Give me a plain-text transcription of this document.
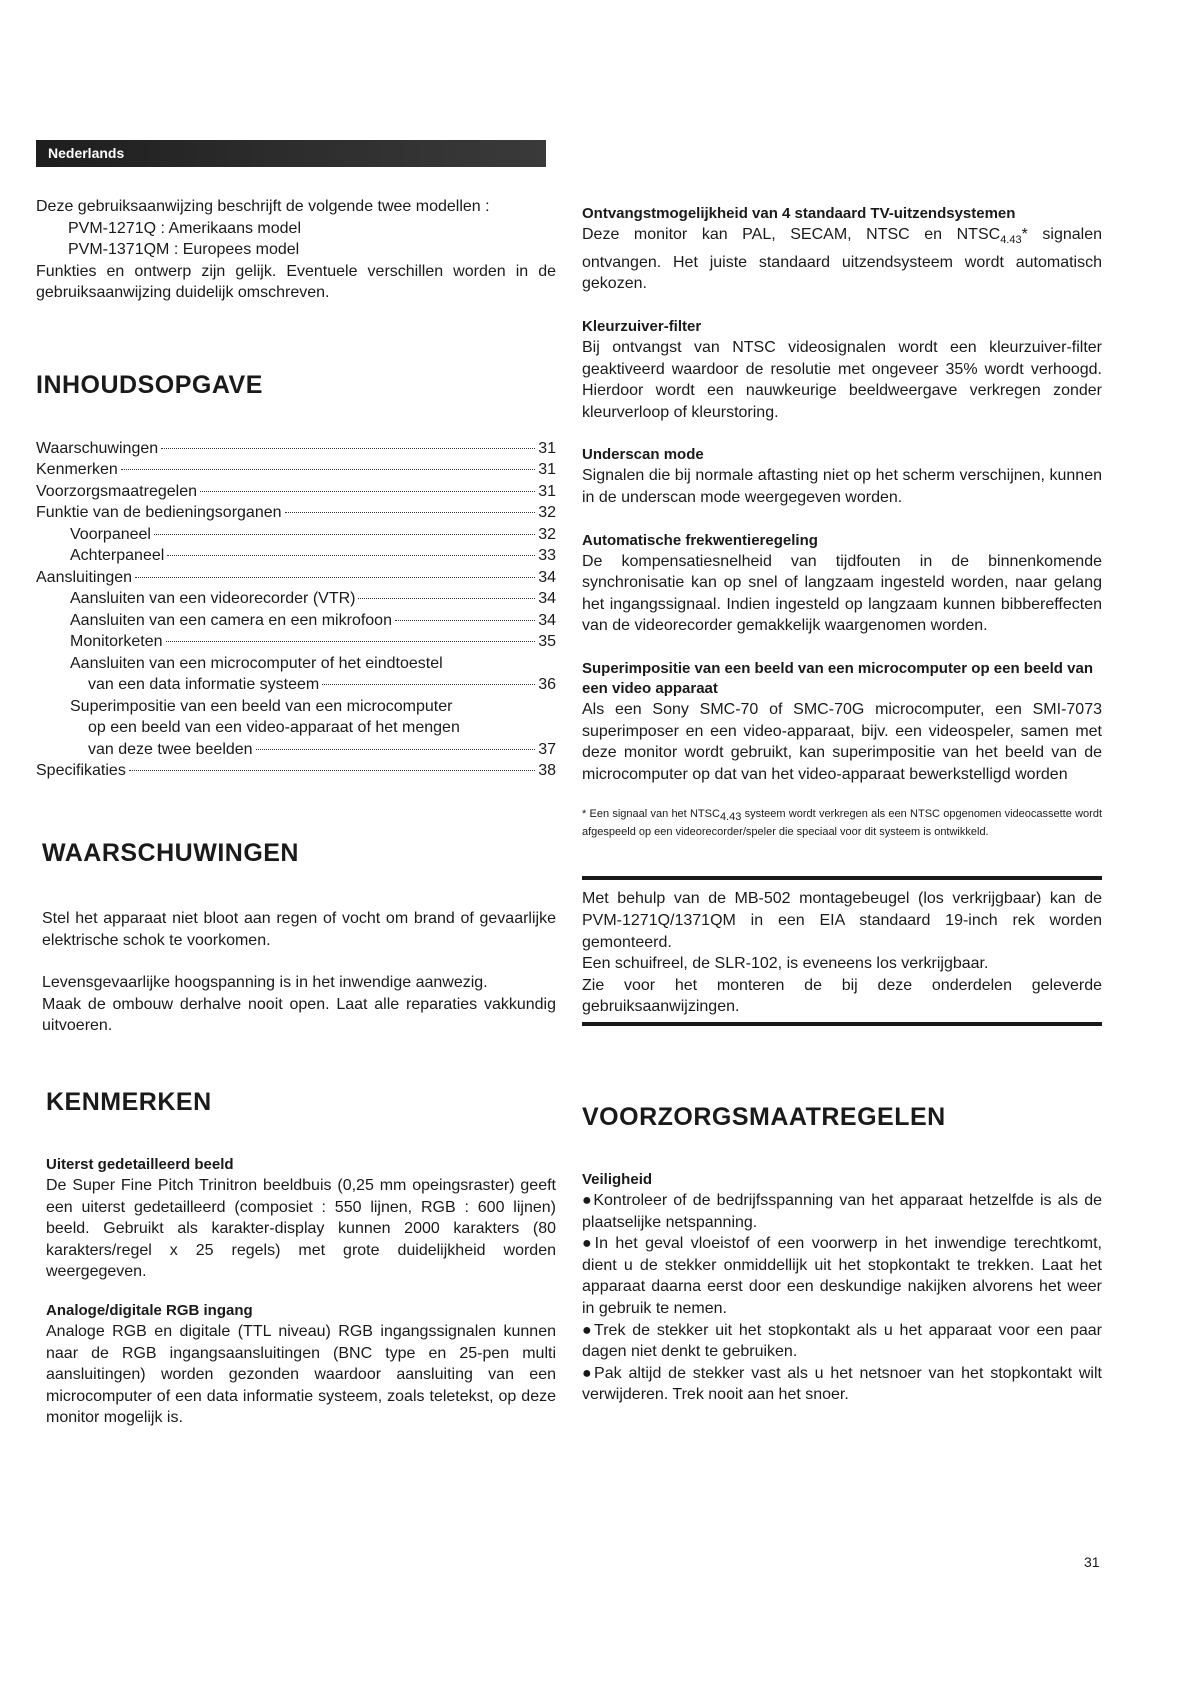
Nederlands

Deze gebruiksaanwijzing beschrijft de volgende twee modellen :

PVM-1271Q : Amerikaans model

PVM-1371QM : Europees model

Funkties en ontwerp zijn gelijk. Eventuele verschillen worden in de gebruiksaanwijzing duidelijk omschreven.

INHOUDSOPGAVE
Waarschuwingen	31
Kenmerken	31
Voorzorgsmaatregelen	31
Funktie van de bedieningsorganen	32
Voorpaneel	32
Achterpaneel	33
Aansluitingen	34
Aansluiten van een videorecorder (VTR)	34
Aansluiten van een camera en een mikrofoon	34
Monitorketen	35

Aansluiten van een microcomputer of het eindtoestel

van een data informatie systeem	36

Superimpositie van een beeld van een microcomputer

op een beeld van een video-apparaat of het mengen

van deze twee beelden	37
Specifikaties	38
WAARSCHUWINGEN

Stel het apparaat niet bloot aan regen of vocht om brand of gevaarlijke elektrische schok te voorkomen.

Levensgevaarlijke hoogspanning is in het inwendige aanwezig.

Maak de ombouw derhalve nooit open. Laat alle reparaties vakkundig uitvoeren.

KENMERKEN

Uiterst gedetailleerd beeld

De Super Fine Pitch Trinitron beeldbuis (0,25 mm opeingsraster) geeft een uiterst gedetailleerd (composiet : 550 lijnen, RGB : 600 lijnen) beeld. Gebruikt als karakter-display kunnen 2000 karakters (80 karakters/regel x 25 regels) met grote duidelijkheid worden weergegeven.

Analoge/digitale RGB ingang

Analoge RGB en digitale (TTL niveau) RGB ingangssignalen kunnen naar de RGB ingangsaansluitingen (BNC type en 25-pen multi aansluitingen) worden gezonden waardoor aansluiting van een microcomputer of een data informatie systeem, zoals teletekst, op deze monitor mogelijk is.

Ontvangstmogelijkheid van 4 standaard TV-uitzendsystemen

Deze monitor kan PAL, SECAM, NTSC en $NTSC_{4.43}*$ signalen ontvangen. Het juiste standaard uitzendsysteem wordt automatisch gekozen.

Kleurzuiver-filter

Bij ontvangst van NTSC videosignalen wordt een kleurzuiver-filter geaktiveerd waardoor de resolutie met ongeveer 35% wordt verhoogd. Hierdoor wordt een nauwkeurige beeldweergave verkregen zonder kleurverloop of kleurstoring.

Underscan mode

Signalen die bij normale aftasting niet op het scherm verschijnen, kunnen in de underscan mode weergegeven worden.

Automatische frekwentieregeling

De kompensatiesnelheid van tijdfouten in de binnenkomende synchronisatie kan op snel of langzaam ingesteld worden, naar gelang het ingangssignaal. Indien ingesteld op langzaam kunnen bibbereffecten van de videorecorder gemakkelijk waargenomen worden.

Superimpositie van een beeld van een microcomputer op een beeld van een video apparaat

Als een Sony SMC-70 of SMC-70G microcomputer, een SMI-7073 superimposer en een video-apparaat, bijv. een videospeler, samen met deze monitor wordt gebruikt, kan superimpositie van het beeld van de microcomputer op dat van het video-apparaat bewerkstelligd worden

* Een signaal van het $NTSC_{4.43}$ systeem wordt verkregen als een NTSC opgenomen videocassette wordt afgespeeld op een videorecorder/speler die speciaal voor dit systeem is ontwikkeld.

Met behulp van de MB-502 montagebeugel (los verkrijgbaar) kan de PVM-1271Q/1371QM in een EIA standaard 19-inch rek worden gemonteerd.

Een schuifreel, de SLR-102, is eveneens los verkrijgbaar.

Zie voor het monteren de bij deze onderdelen geleverde gebruiksaanwijzingen.

VOORZORGSMAATREGELEN

Veiligheid

●Kontroleer of de bedrijfsspanning van het apparaat hetzelfde is als de plaatselijke netspanning.

●In het geval vloeistof of een voorwerp in het inwendige terechtkomt, dient u de stekker onmiddellijk uit het stopkontakt te trekken. Laat het apparaat daarna eerst door een deskundige nakijken alvorens het weer in gebruik te nemen.

●Trek de stekker uit het stopkontakt als u het apparaat voor een paar dagen niet denkt te gebruiken.

●Pak altijd de stekker vast als u het netsnoer van het stopkontakt wilt verwijderen. Trek nooit aan het snoer.

31
